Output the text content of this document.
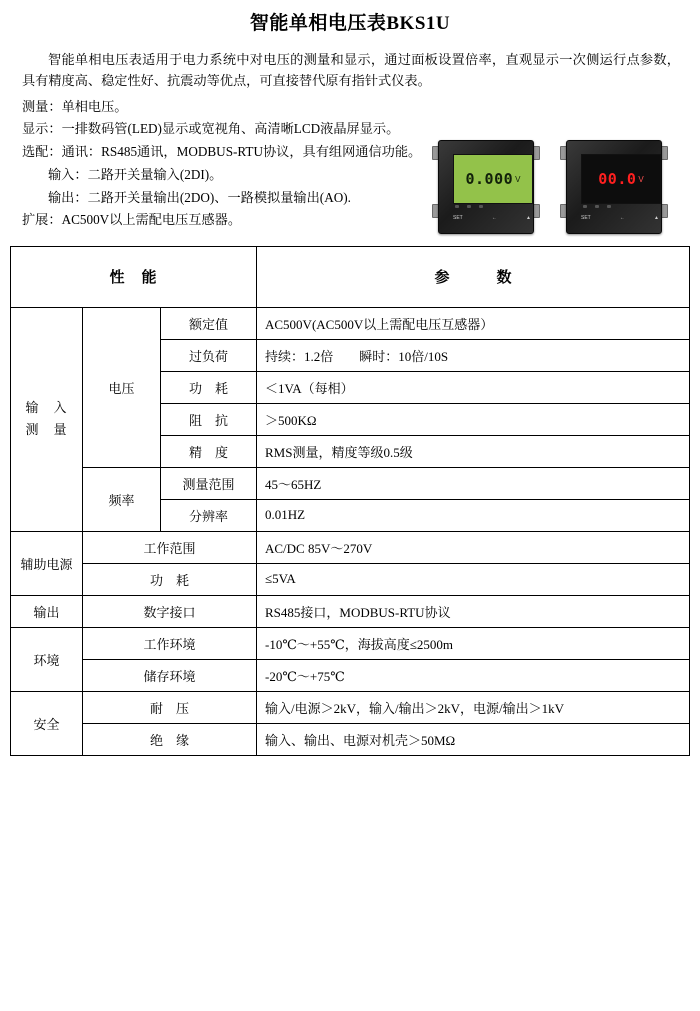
智能单相电压表BKS1U

智能单相电压表适用于电力系统中对电压的测量和显示，通过面板设置倍率，直观显示一次侧运行点参数，具有精度高、稳定性好、抗震动等优点，可直接替代原有指针式仪表。

0.000 V
SET	←	▲
00.0 V
SET	←	▲

测量：单相电压。

显示：一排数码管(LED)显示或宽视角、高清晰LCD液晶屏显示。

选配：通讯：RS485通讯，MODBUS-RTU协议，具有组网通信功能。

输入：二路开关量输入(2DI)。

输出：二路开关量输出(2DO)、一路模拟量输出(AO).

扩展：AC500V以上需配电压互感器。

性　能			参　数
输　入　测　量	电压	额定值	AC500V(AC500V以上需配电压互感器）
		过负荷	持续：1.2倍　　瞬时：10倍/10S
		功　耗	＜1VA（每相）
		阻　抗	＞500KΩ
		精　度	RMS测量，精度等级0.5级
	频率	测量范围	45～65HZ
		分辨率	0.01HZ
辅助电源	工作范围		AC/DC 85V～270V
	功　耗		≤5VA
输出	数字接口		RS485接口，MODBUS-RTU协议
环境	工作环境		-10℃～+55℃，海拔高度≤2500m
	储存环境		-20℃～+75℃
安全	耐　压		输入/电源＞2kV，输入/输出＞2kV，电源/输出＞1kV
	绝　缘		输入、输出、电源对机壳＞50MΩ
